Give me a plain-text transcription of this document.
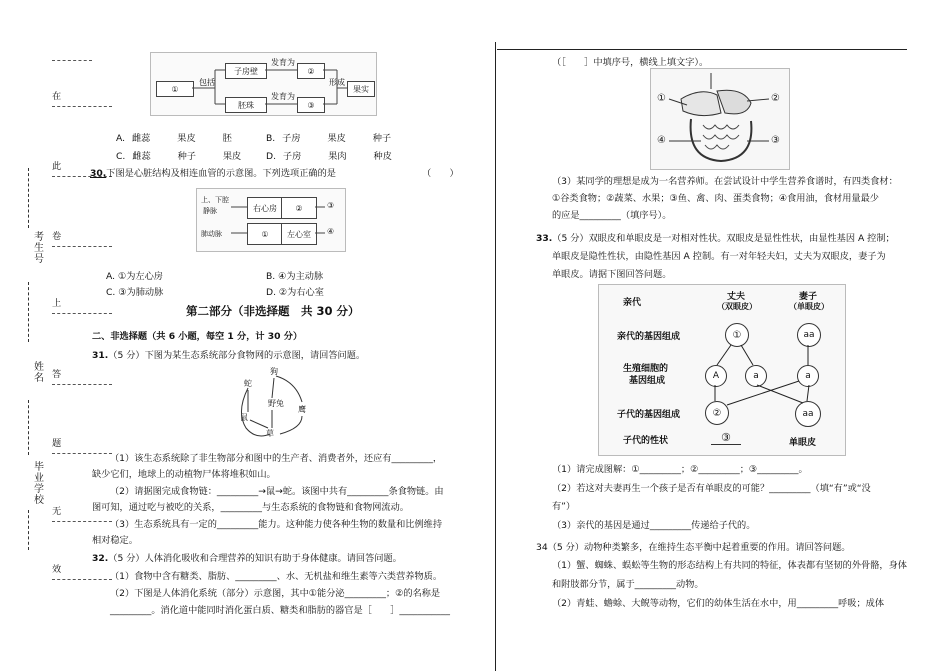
在
此
卷
上
答
题
无
效
考生号
姓名
毕业学校
①
包括
子房壁
发育为
②
胚珠
发育为
③
形成
果实
A. 雌蕊	果皮	胚	B. 子房	果皮	种子
C. 雌蕊	种子	果皮	D. 子房	果肉	种皮
30.下图是心脏结构及相连血管的示意图。下列选项正确的是	（　　）
上、下腔
静脉	右心房	②
①	左心室
③
肺动脉	④
A. ①为左心房	B. ④为主动脉
C. ③为肺动脉	D. ②为右心室
第二部分（非选择题　共 30 分）
二、非选择题（共 6 小题，每空 1 分，计 30 分）
31.（5 分）下图为某生态系统部分食物网的示意图，请回答问题。
蛇
狗
野兔
鼠
草
鹰
（1）该生态系统除了非生物部分和图中的生产者、消费者外，还应有_________，
缺少它们，地球上的动植物尸体将堆积如山。
（2）请据图完成食物链：_________→鼠→蛇。该图中共有_________条食物链。由
图可知，通过吃与被吃的关系，_________与生态系统的食物链和食物网流动。
（3）生态系统具有一定的_________能力。这种能力使各种生物的数量和比例维持
相对稳定。
32.（5 分）人体消化吸收和合理营养的知识有助于身体健康。请回答问题。
（1）食物中含有糖类、脂肪、_________、水、无机盐和维生素等六类营养物质。
（2）下图是人体消化系统（部分）示意图，其中①能分泌_________；②的名称是
_________。消化道中能同时消化蛋白质、糖类和脂肪的器官是［　　］___________
（［　　］中填序号，横线上填文字）。
①	②
④	③
（3）某同学的理想是成为一名营养师。在尝试设计中学生营养食谱时，有四类食材：
①谷类食物；②蔬菜、水果；③鱼、禽、肉、蛋类食物；④食用油，食材用量最少
的应是_________（填序号）。
33.（5 分）双眼皮和单眼皮是一对相对性状。双眼皮是显性性状，由显性基因 A 控制；
单眼皮是隐性性状，由隐性基因 A 控制。有一对年轻夫妇，丈夫为双眼皮，妻子为
单眼皮。请据下图回答问题。
亲代
丈夫
（双眼皮）
妻子
（单眼皮）
亲代的基因组成
生殖细胞的
基因组成
子代的基因组成
子代的性状
①	aa
A	a	a
②	aa
③	单眼皮
（1）请完成图解：①_________；②_________；③_________。
（2）若这对夫妻再生一个孩子是否有单眼皮的可能？_________（填“有”或“没
有”）
（3）亲代的基因是通过_________传递给子代的。
34（5 分）动物种类繁多，在维持生态平衡中起着重要的作用。请回答问题。
（1）蟹、蜘蛛、蜈蚣等生物的形态结构上有共同的特征，体表都有坚韧的外骨骼，身体
和附肢都分节，属于_________动物。
（2）青蛙、蟾蜍、大鲵等动物，它们的幼体生活在水中，用_________呼吸；成体
